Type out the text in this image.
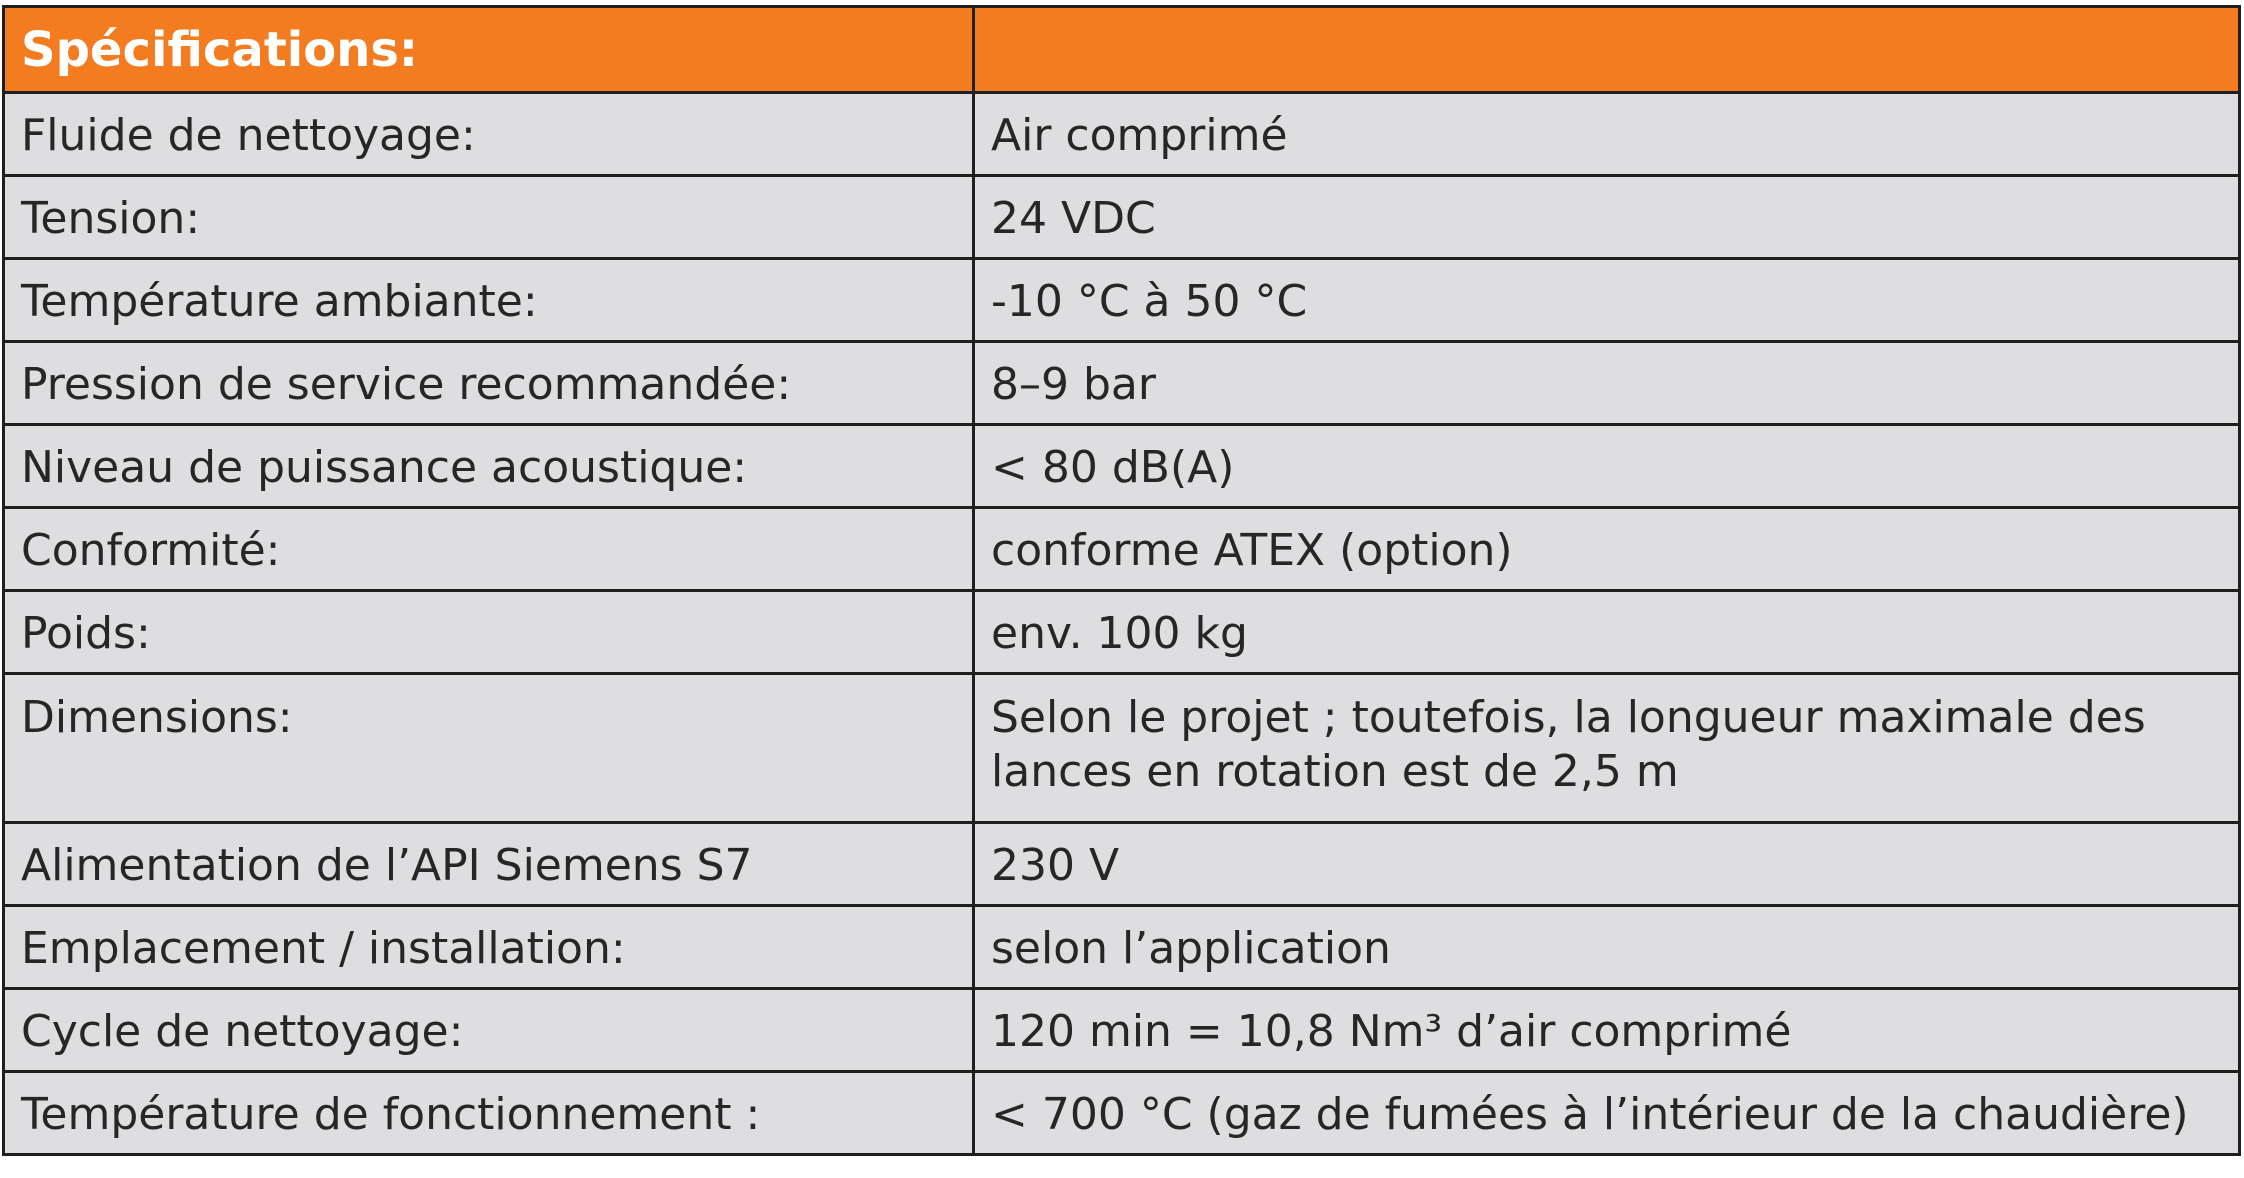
Spécifications:	
Fluide de nettoyage:	Air comprimé
Tension:	24 VDC
Température ambiante:	-10 °C à 50 °C
Pression de service recommandée:	8–9 bar
Niveau de puissance acoustique:	< 80 dB(A)
Conformité:	conforme ATEX (option)
Poids:	env. 100 kg
Dimensions:	Selon le projet ; toutefois, la longueur maximale des lances en rotation est de 2,5 m
Alimentation de l’API Siemens S7	230 V
Emplacement / installation:	selon l’application
Cycle de nettoyage:	120 min = 10,8 Nm³ d’air comprimé
Température de fonctionnement :	< 700 °C (gaz de fumées à l’intérieur de la chaudière)
